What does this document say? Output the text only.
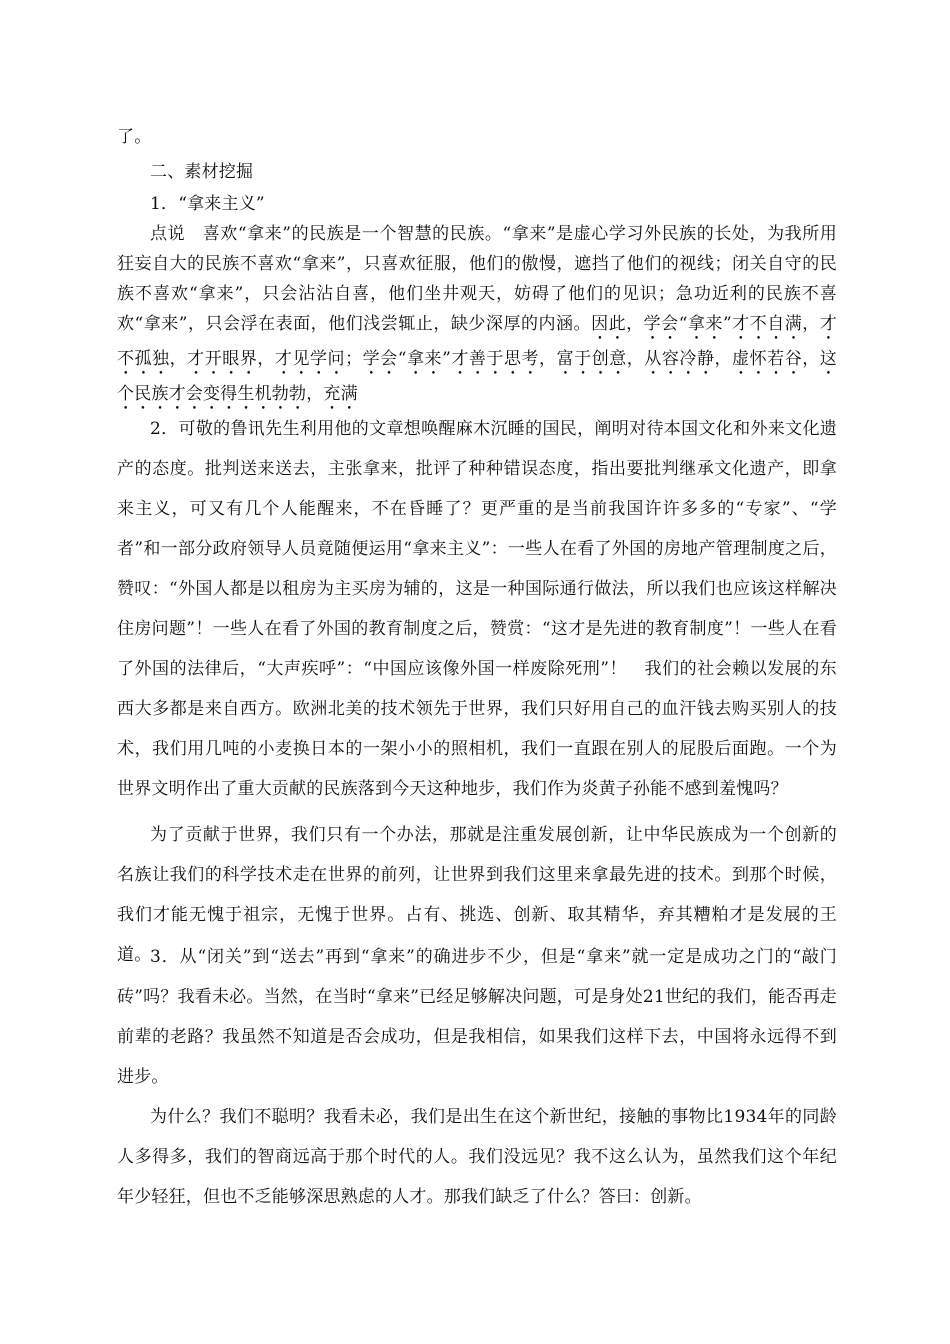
了。

二、素材挖掘

1．“拿来主义”

点说　喜欢“拿来”的民族是一个智慧的民族。“拿来”是虚心学习外民族的长处，为我所用狂妄自大的民族不喜欢“拿来”，只喜欢征服，他们的傲慢，遮挡了他们的视线；闭关自守的民族不喜欢“拿来”，只会沾沾自喜，他们坐井观天，妨碍了他们的见识；急功近利的民族不喜欢“拿来”，只会浮在表面，他们浅尝辄止，缺少深厚的内涵。因此，学会“拿来”才不自满，才不孤独，才开眼界，才见学问；学会“拿来”才善于思考，富于创意，从容冷静，虚怀若谷，这个民族才会变得生机勃勃，充满

2．可敬的鲁讯先生利用他的文章想唤醒麻木沉睡的国民，阐明对待本国文化和外来文化遗产的态度。批判送来送去，主张拿来，批评了种种错误态度，指出要批判继承文化遗产，即拿来主义，可又有几个人能醒来，不在昏睡了？更严重的是当前我国许许多多的“专家”、“学者”和一部分政府领导人员竟随便运用“拿来主义”：一些人在看了外国的房地产管理制度之后，赞叹：“外国人都是以租房为主买房为辅的，这是一种国际通行做法，所以我们也应该这样解决住房问题”！一些人在看了外国的教育制度之后，赞赏：“这才是先进的教育制度”！一些人在看了外国的法律后，“大声疾呼”：“中国应该像外国一样废除死刑”！　我们的社会赖以发展的东西大多都是来自西方。欧洲北美的技术领先于世界，我们只好用自己的血汗钱去购买别人的技术，我们用几吨的小麦换日本的一架小小的照相机，我们一直跟在别人的屁股后面跑。一个为世界文明作出了重大贡献的民族落到今天这种地步，我们作为炎黄子孙能不感到羞愧吗？

为了贡献于世界，我们只有一个办法，那就是注重发展创新，让中华民族成为一个创新的名族让我们的科学技术走在世界的前列，让世界到我们这里来拿最先进的技术。到那个时候，我们才能无愧于祖宗，无愧于世界。占有、挑选、创新、取其精华，弃其糟粕才是发展的王道。

3．从“闭关”到“送去”再到“拿来”的确进步不少，但是“拿来”就一定是成功之门的“敲门砖”吗？我看未必。当然，在当时“拿来”已经足够解决问题，可是身处21世纪的我们，能否再走前辈的老路？我虽然不知道是否会成功，但是我相信，如果我们这样下去，中国将永远得不到进步。

为什么？我们不聪明？我看未必，我们是出生在这个新世纪，接触的事物比1934年的同龄人多得多，我们的智商远高于那个时代的人。我们没远见？我不这么认为，虽然我们这个年纪年少轻狂，但也不乏能够深思熟虑的人才。那我们缺乏了什么？答曰：创新。
